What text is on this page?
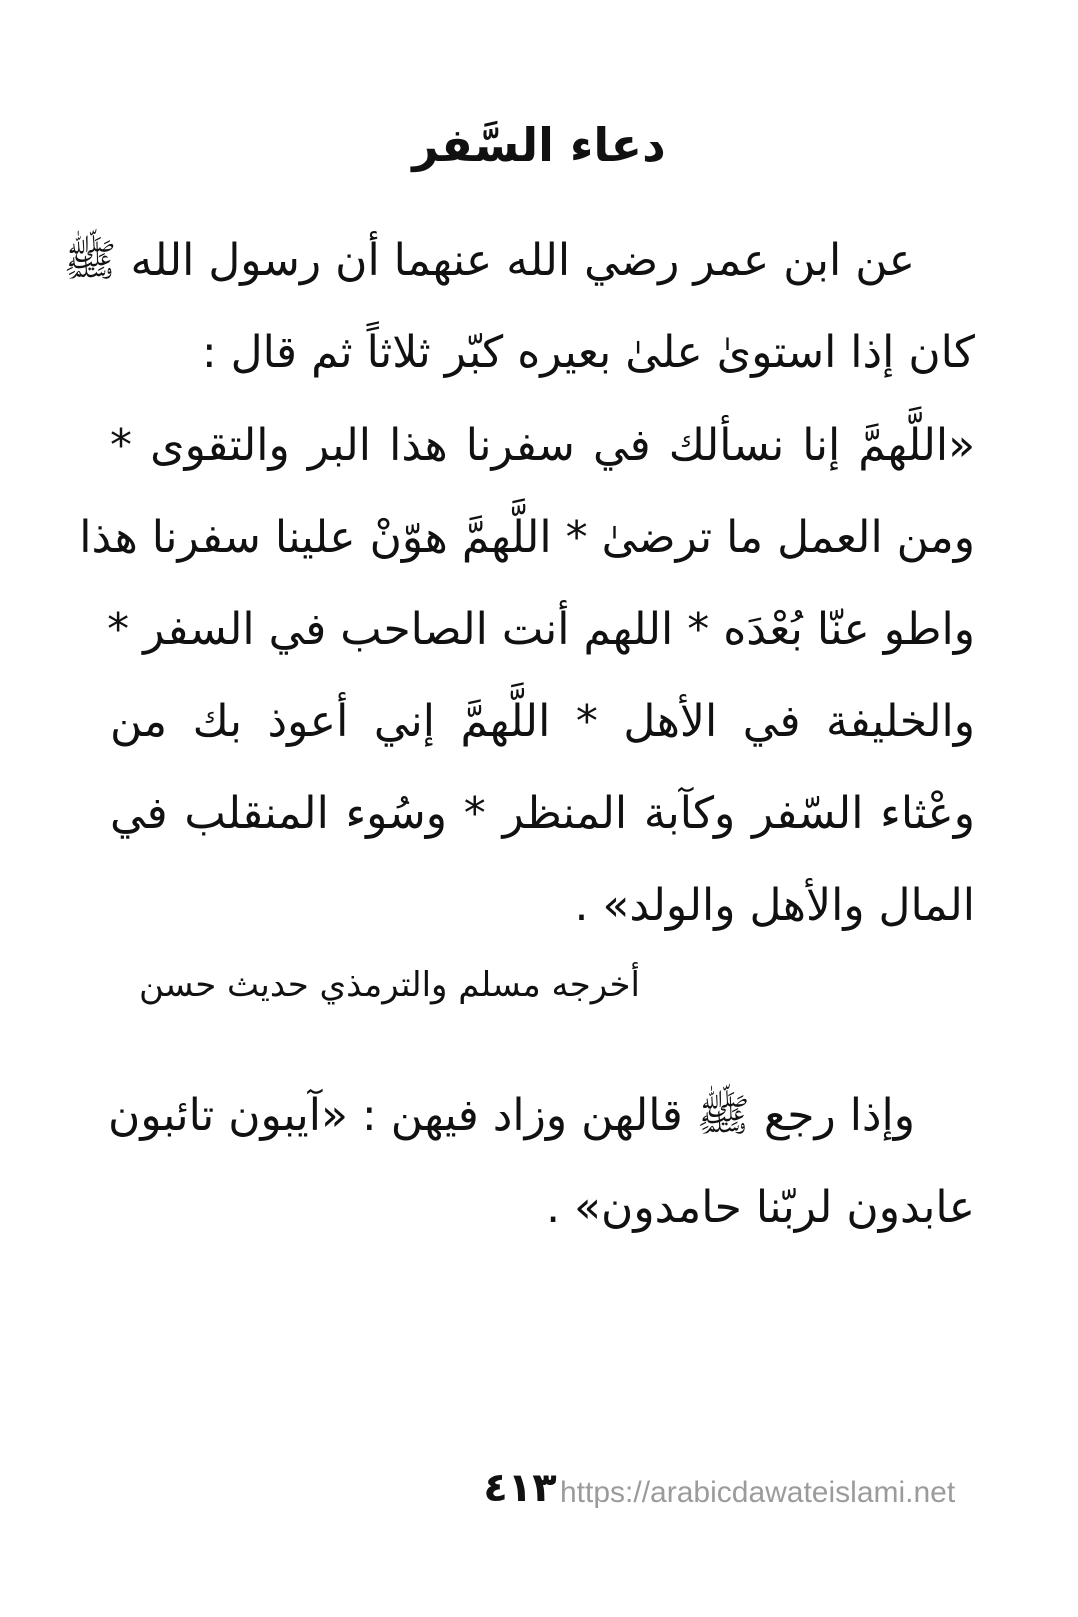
دعاء السَّفر
عن ابن عمر رضي الله عنهما أن رسول الله ﷺ
كان إذا استوىٰ علىٰ بعيره كبّر ثلاثاً ثم قال :
«اللَّهمَّ إنا نسألك في سفرنا هذا البر والتقوى *
ومن العمل ما ترضىٰ * اللَّهمَّ هوّنْ علينا سفرنا هذا
واطو عنّا بُعْدَه * اللهم أنت الصاحب في السفر *
والخليفة في الأهل * اللَّهمَّ إني أعوذ بك من
وعْثاء السّفر وكآبة المنظر * وسُوء المنقلب في
المال والأهل والولد» .
أخرجه مسلم والترمذي حديث حسن
وإذا رجع ﷺ قالهن وزاد فيهن : «آيبون تائبون
عابدون لربّنا حامدون» .
٤١٣ https://arabicdawateislami.net
